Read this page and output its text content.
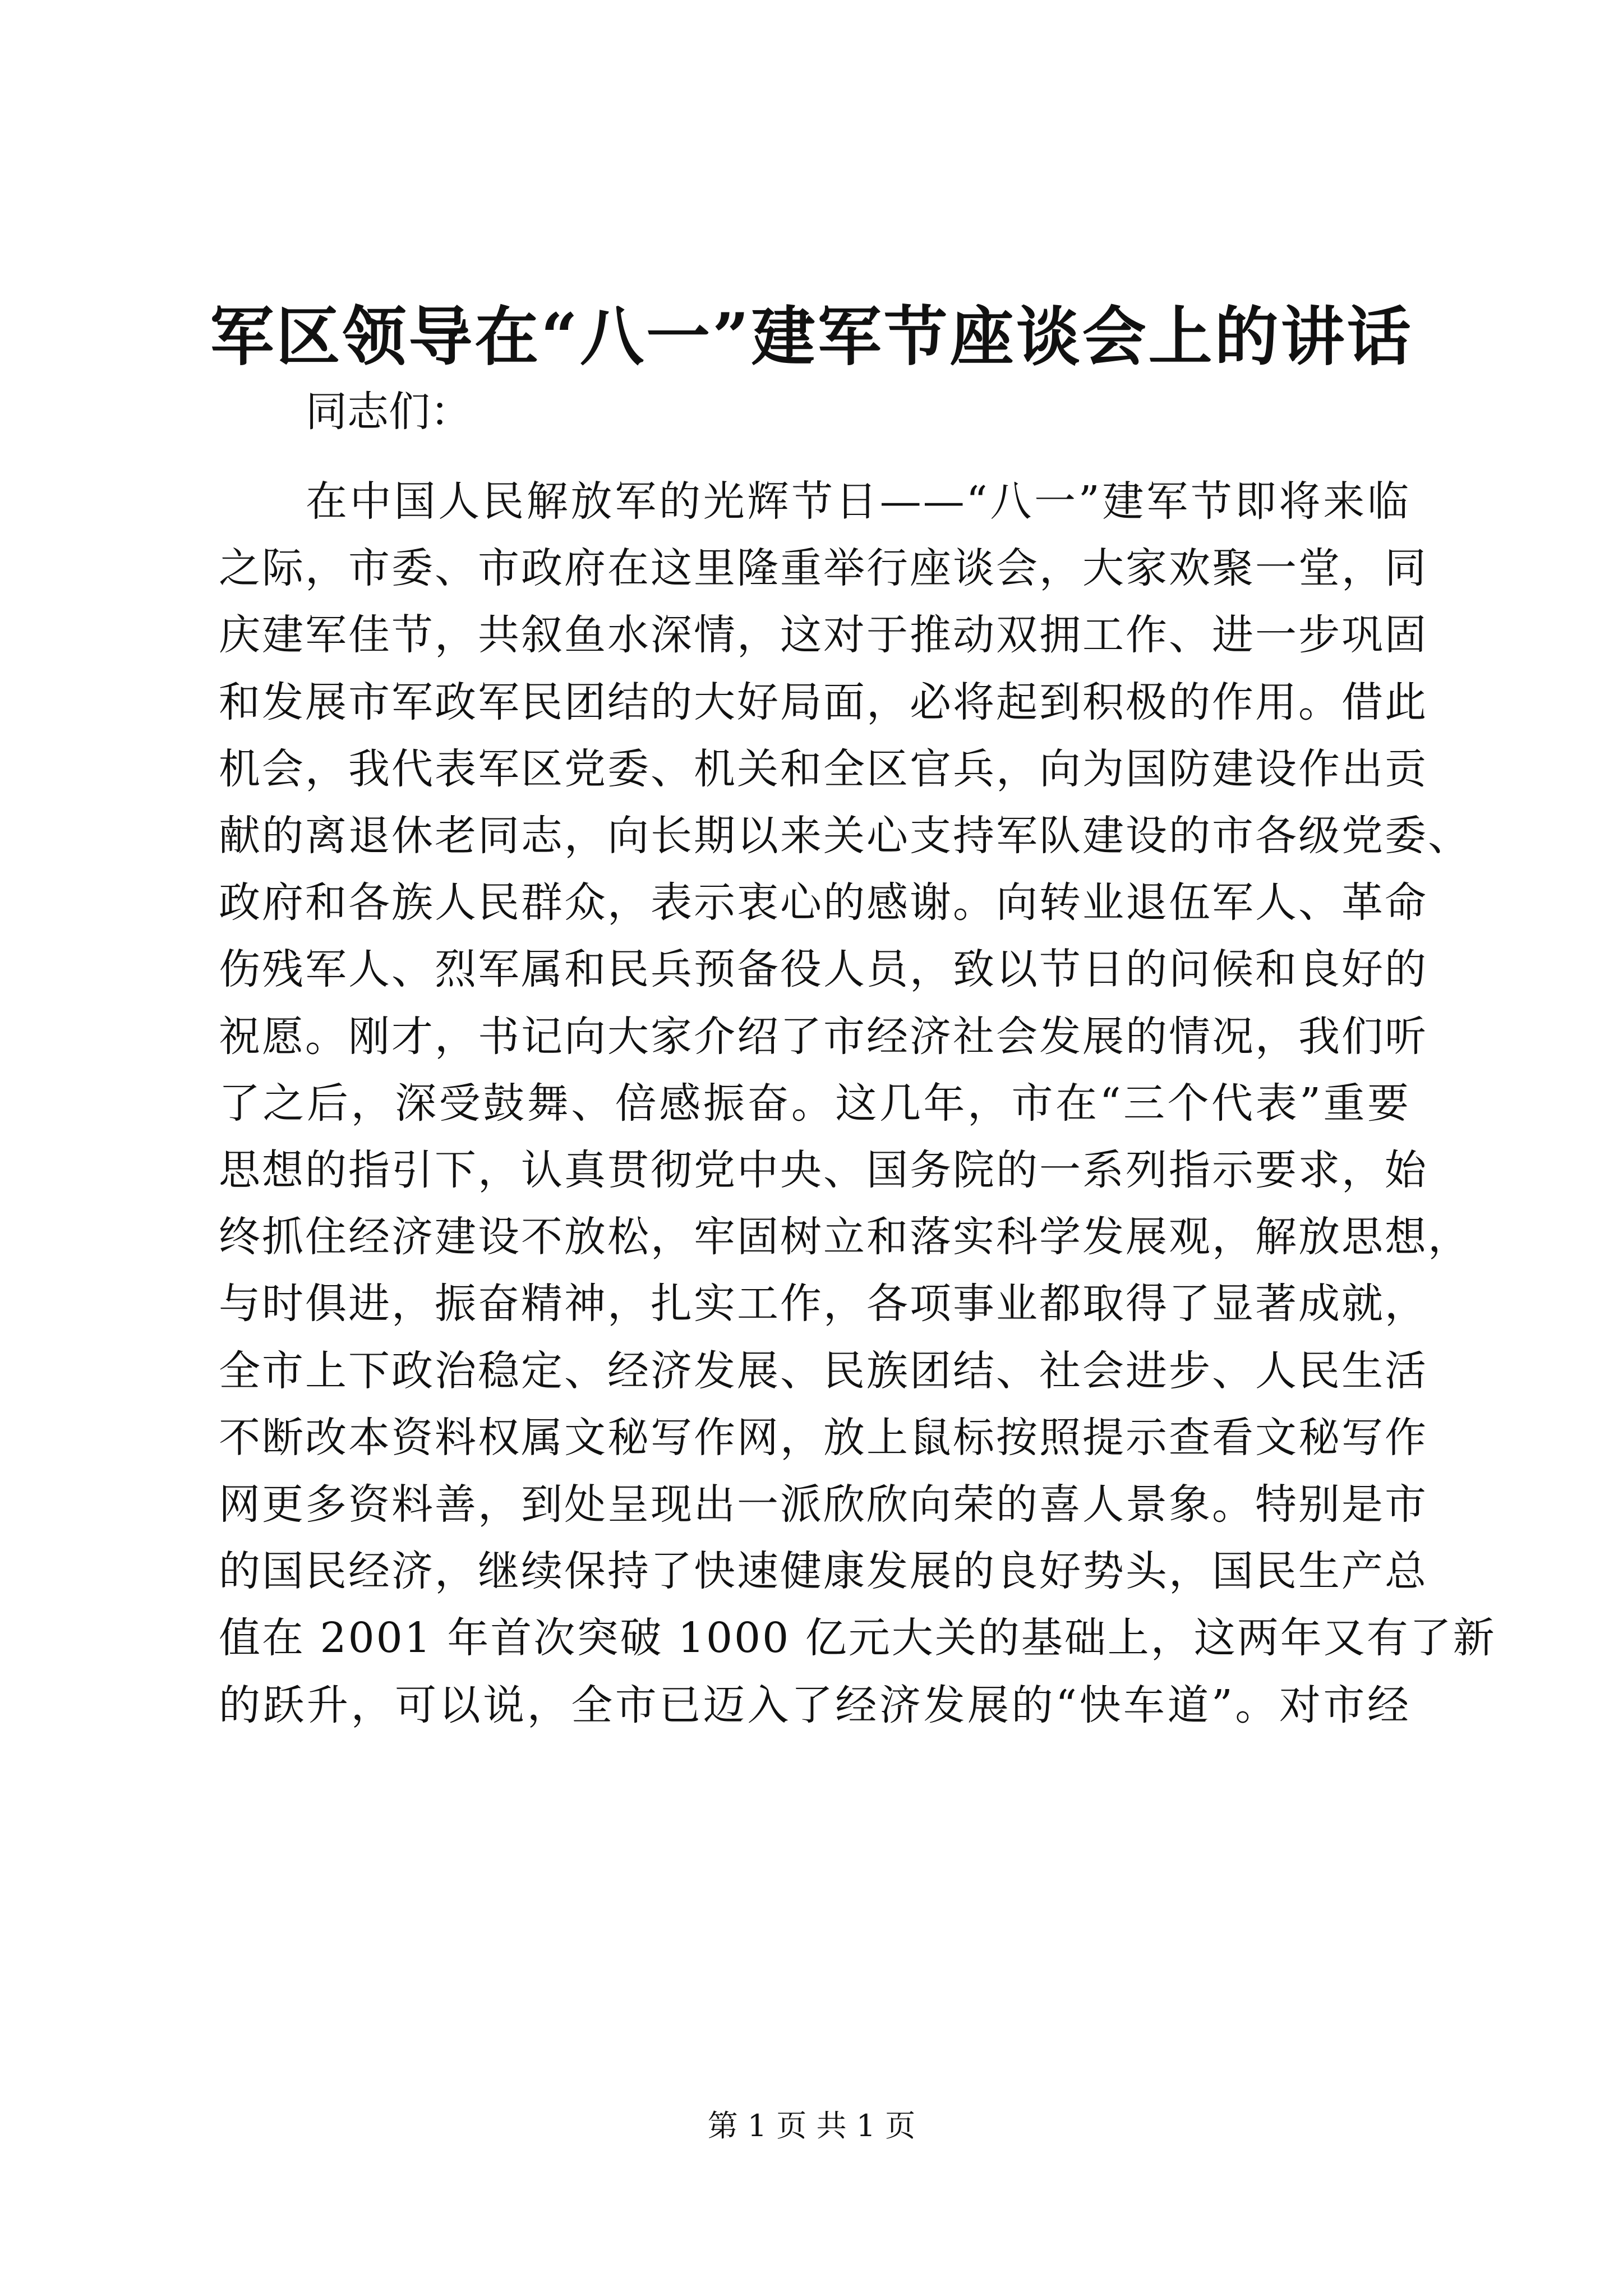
军区领导在“八一”建军节座谈会上的讲话

同志们：

在中国人民解放军的光辉节日——“八一”建军节即将来临
之际，市委、市政府在这里隆重举行座谈会，大家欢聚一堂，同
庆建军佳节，共叙鱼水深情，这对于推动双拥工作、进一步巩固
和发展市军政军民团结的大好局面，必将起到积极的作用。借此
机会，我代表军区党委、机关和全区官兵，向为国防建设作出贡
献的离退休老同志，向长期以来关心支持军队建设的市各级党委、
政府和各族人民群众，表示衷心的感谢。向转业退伍军人、革命
伤残军人、烈军属和民兵预备役人员，致以节日的问候和良好的
祝愿。刚才，书记向大家介绍了市经济社会发展的情况，我们听
了之后，深受鼓舞、倍感振奋。这几年，市在“三个代表”重要
思想的指引下，认真贯彻党中央、国务院的一系列指示要求，始
终抓住经济建设不放松，牢固树立和落实科学发展观，解放思想，
与时俱进，振奋精神，扎实工作，各项事业都取得了显著成就，
全市上下政治稳定、经济发展、民族团结、社会进步、人民生活
不断改本资料权属文秘写作网，放上鼠标按照提示查看文秘写作
网更多资料善，到处呈现出一派欣欣向荣的喜人景象。特别是市
的国民经济，继续保持了快速健康发展的良好势头，国民生产总
值在 2001 年首次突破 1000 亿元大关的基础上，这两年又有了新
的跃升，可以说，全市已迈入了经济发展的“快车道”。对市经

第 1 页 共 1 页
